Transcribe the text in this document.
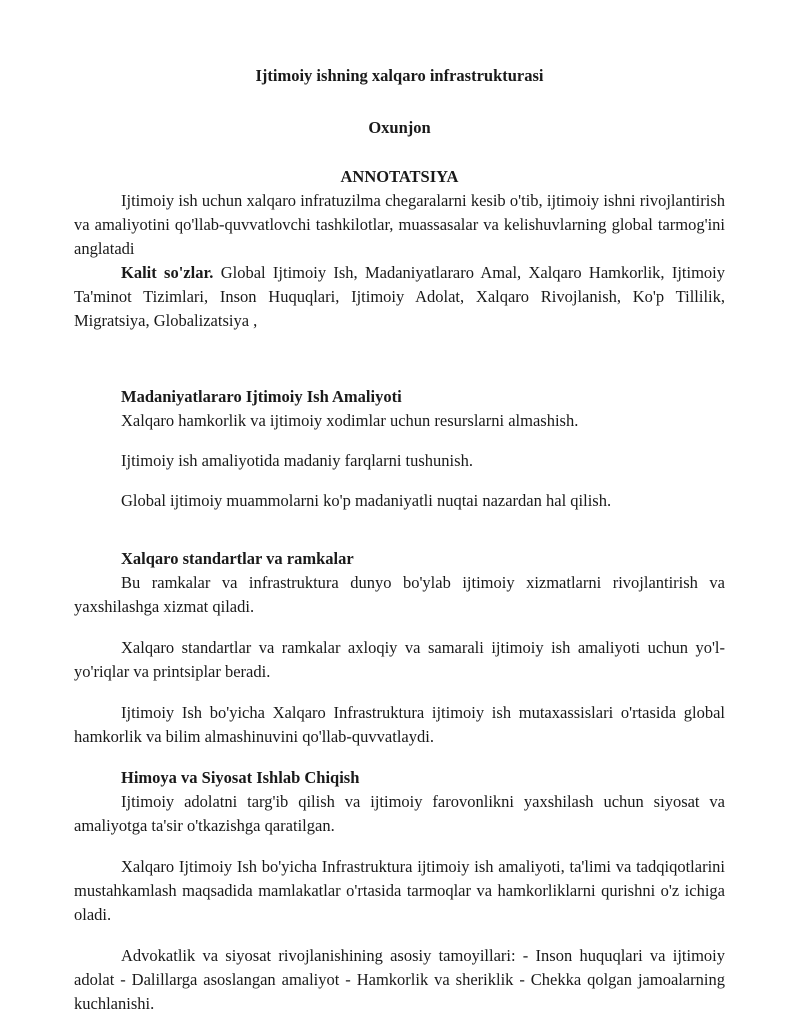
Ijtimoiy ishning xalqaro infrastrukturasi

Oxunjon

ANNOTATSIYA

Ijtimoiy ish uchun xalqaro infratuzilma chegaralarni kesib o'tib, ijtimoiy ishni rivojlantirish va amaliyotini qo'llab-quvvatlovchi tashkilotlar, muassasalar va kelishuvlarning global tarmog'ini anglatadi

Kalit so'zlar. Global Ijtimoiy Ish, Madaniyatlararo Amal, Xalqaro Hamkorlik, Ijtimoiy Ta'minot Tizimlari, Inson Huquqlari, Ijtimoiy Adolat, Xalqaro Rivojlanish, Ko'p Tillilik, Migratsiya, Globalizatsiya ,

Madaniyatlararo Ijtimoiy Ish Amaliyoti

Xalqaro hamkorlik va ijtimoiy xodimlar uchun resurslarni almashish.

Ijtimoiy ish amaliyotida madaniy farqlarni tushunish.

Global ijtimoiy muammolarni ko'p madaniyatli nuqtai nazardan hal qilish.

Xalqaro standartlar va ramkalar

Bu ramkalar va infrastruktura dunyo bo'ylab ijtimoiy xizmatlarni rivojlantirish va yaxshilashga xizmat qiladi.

Xalqaro standartlar va ramkalar axloqiy va samarali ijtimoiy ish amaliyoti uchun yo'l-yo'riqlar va printsiplar beradi.

Ijtimoiy Ish bo'yicha Xalqaro Infrastruktura ijtimoiy ish mutaxassislari o'rtasida global hamkorlik va bilim almashinuvini qo'llab-quvvatlaydi.

Himoya va Siyosat Ishlab Chiqish

Ijtimoiy adolatni targ'ib qilish va ijtimoiy farovonlikni yaxshilash uchun siyosat va amaliyotga ta'sir o'tkazishga qaratilgan.

Xalqaro Ijtimoiy Ish bo'yicha Infrastruktura ijtimoiy ish amaliyoti, ta'limi va tadqiqotlarini mustahkamlash maqsadida mamlakatlar o'rtasida tarmoqlar va hamkorliklarni qurishni o'z ichiga oladi.

Advokatlik va siyosat rivojlanishining asosiy tamoyillari: - Inson huquqlari va ijtimoiy adolat - Dalillarga asoslangan amaliyot - Hamkorlik va sheriklik - Chekka qolgan jamoalarning kuchlanishi.
